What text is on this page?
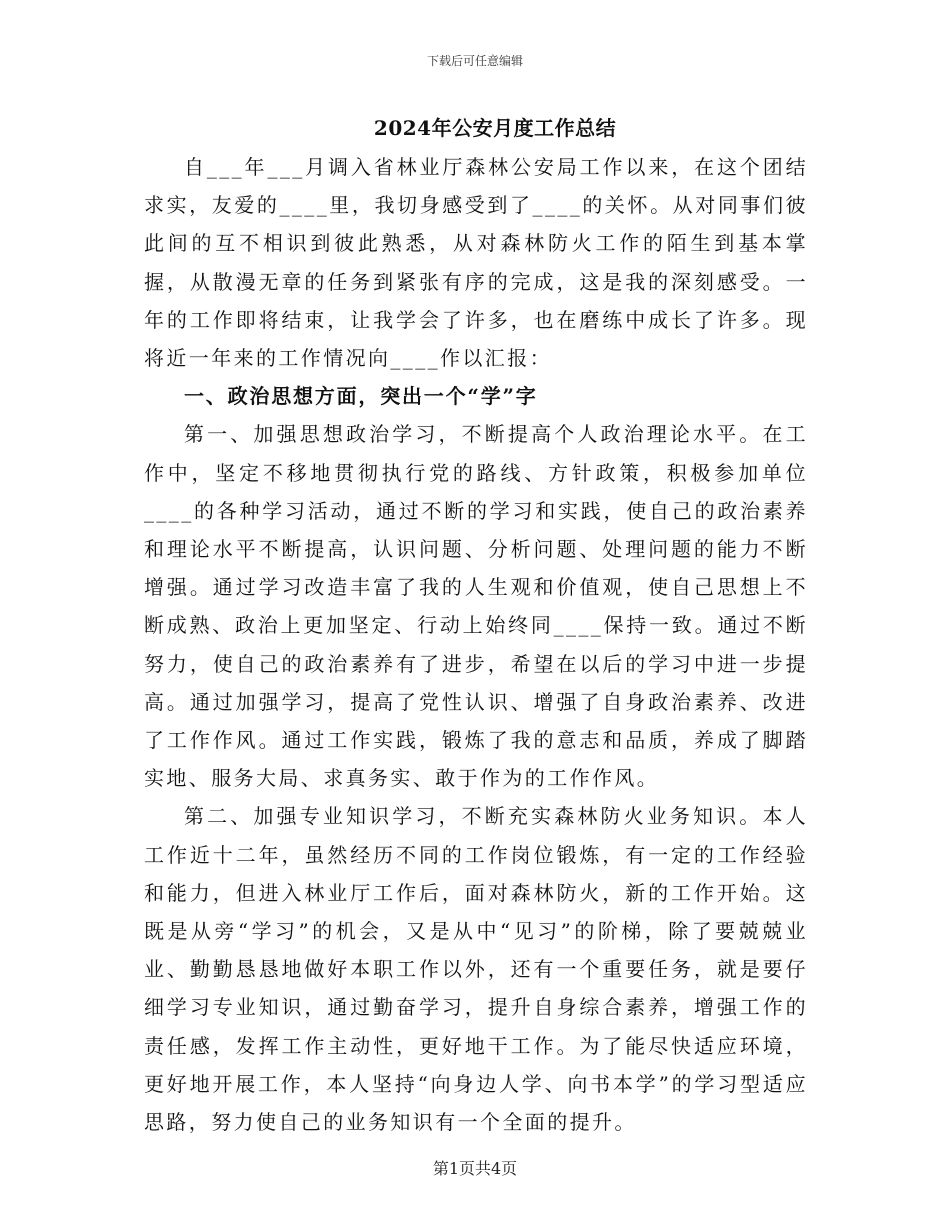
下载后可任意编辑
2024年公安月度工作总结

自___年___月调入省林业厅森林公安局工作以来，在这个团结求实，友爱的____里，我切身感受到了____的关怀。从对同事们彼此间的互不相识到彼此熟悉，从对森林防火工作的陌生到基本掌握，从散漫无章的任务到紧张有序的完成，这是我的深刻感受。一年的工作即将结束，让我学会了许多，也在磨练中成长了许多。现将近一年来的工作情况向____作以汇报：

一、政治思想方面，突出一个“学”字

第一、加强思想政治学习，不断提高个人政治理论水平。在工作中，坚定不移地贯彻执行党的路线、方针政策，积极参加单位____的各种学习活动，通过不断的学习和实践，使自己的政治素养和理论水平不断提高，认识问题、分析问题、处理问题的能力不断增强。通过学习改造丰富了我的人生观和价值观，使自己思想上不断成熟、政治上更加坚定、行动上始终同____保持一致。通过不断努力，使自己的政治素养有了进步，希望在以后的学习中进一步提高。通过加强学习，提高了党性认识、增强了自身政治素养、改进了工作作风。通过工作实践，锻炼了我的意志和品质，养成了脚踏实地、服务大局、求真务实、敢于作为的工作作风。

第二、加强专业知识学习，不断充实森林防火业务知识。本人工作近十二年，虽然经历不同的工作岗位锻炼，有一定的工作经验和能力，但进入林业厅工作后，面对森林防火，新的工作开始。这既是从旁“学习”的机会，又是从中“见习”的阶梯，除了要兢兢业业、勤勤恳恳地做好本职工作以外，还有一个重要任务，就是要仔细学习专业知识，通过勤奋学习，提升自身综合素养，增强工作的责任感，发挥工作主动性，更好地干工作。为了能尽快适应环境，更好地开展工作，本人坚持“向身边人学、向书本学”的学习型适应思路，努力使自己的业务知识有一个全面的提升。

第1页共4页
